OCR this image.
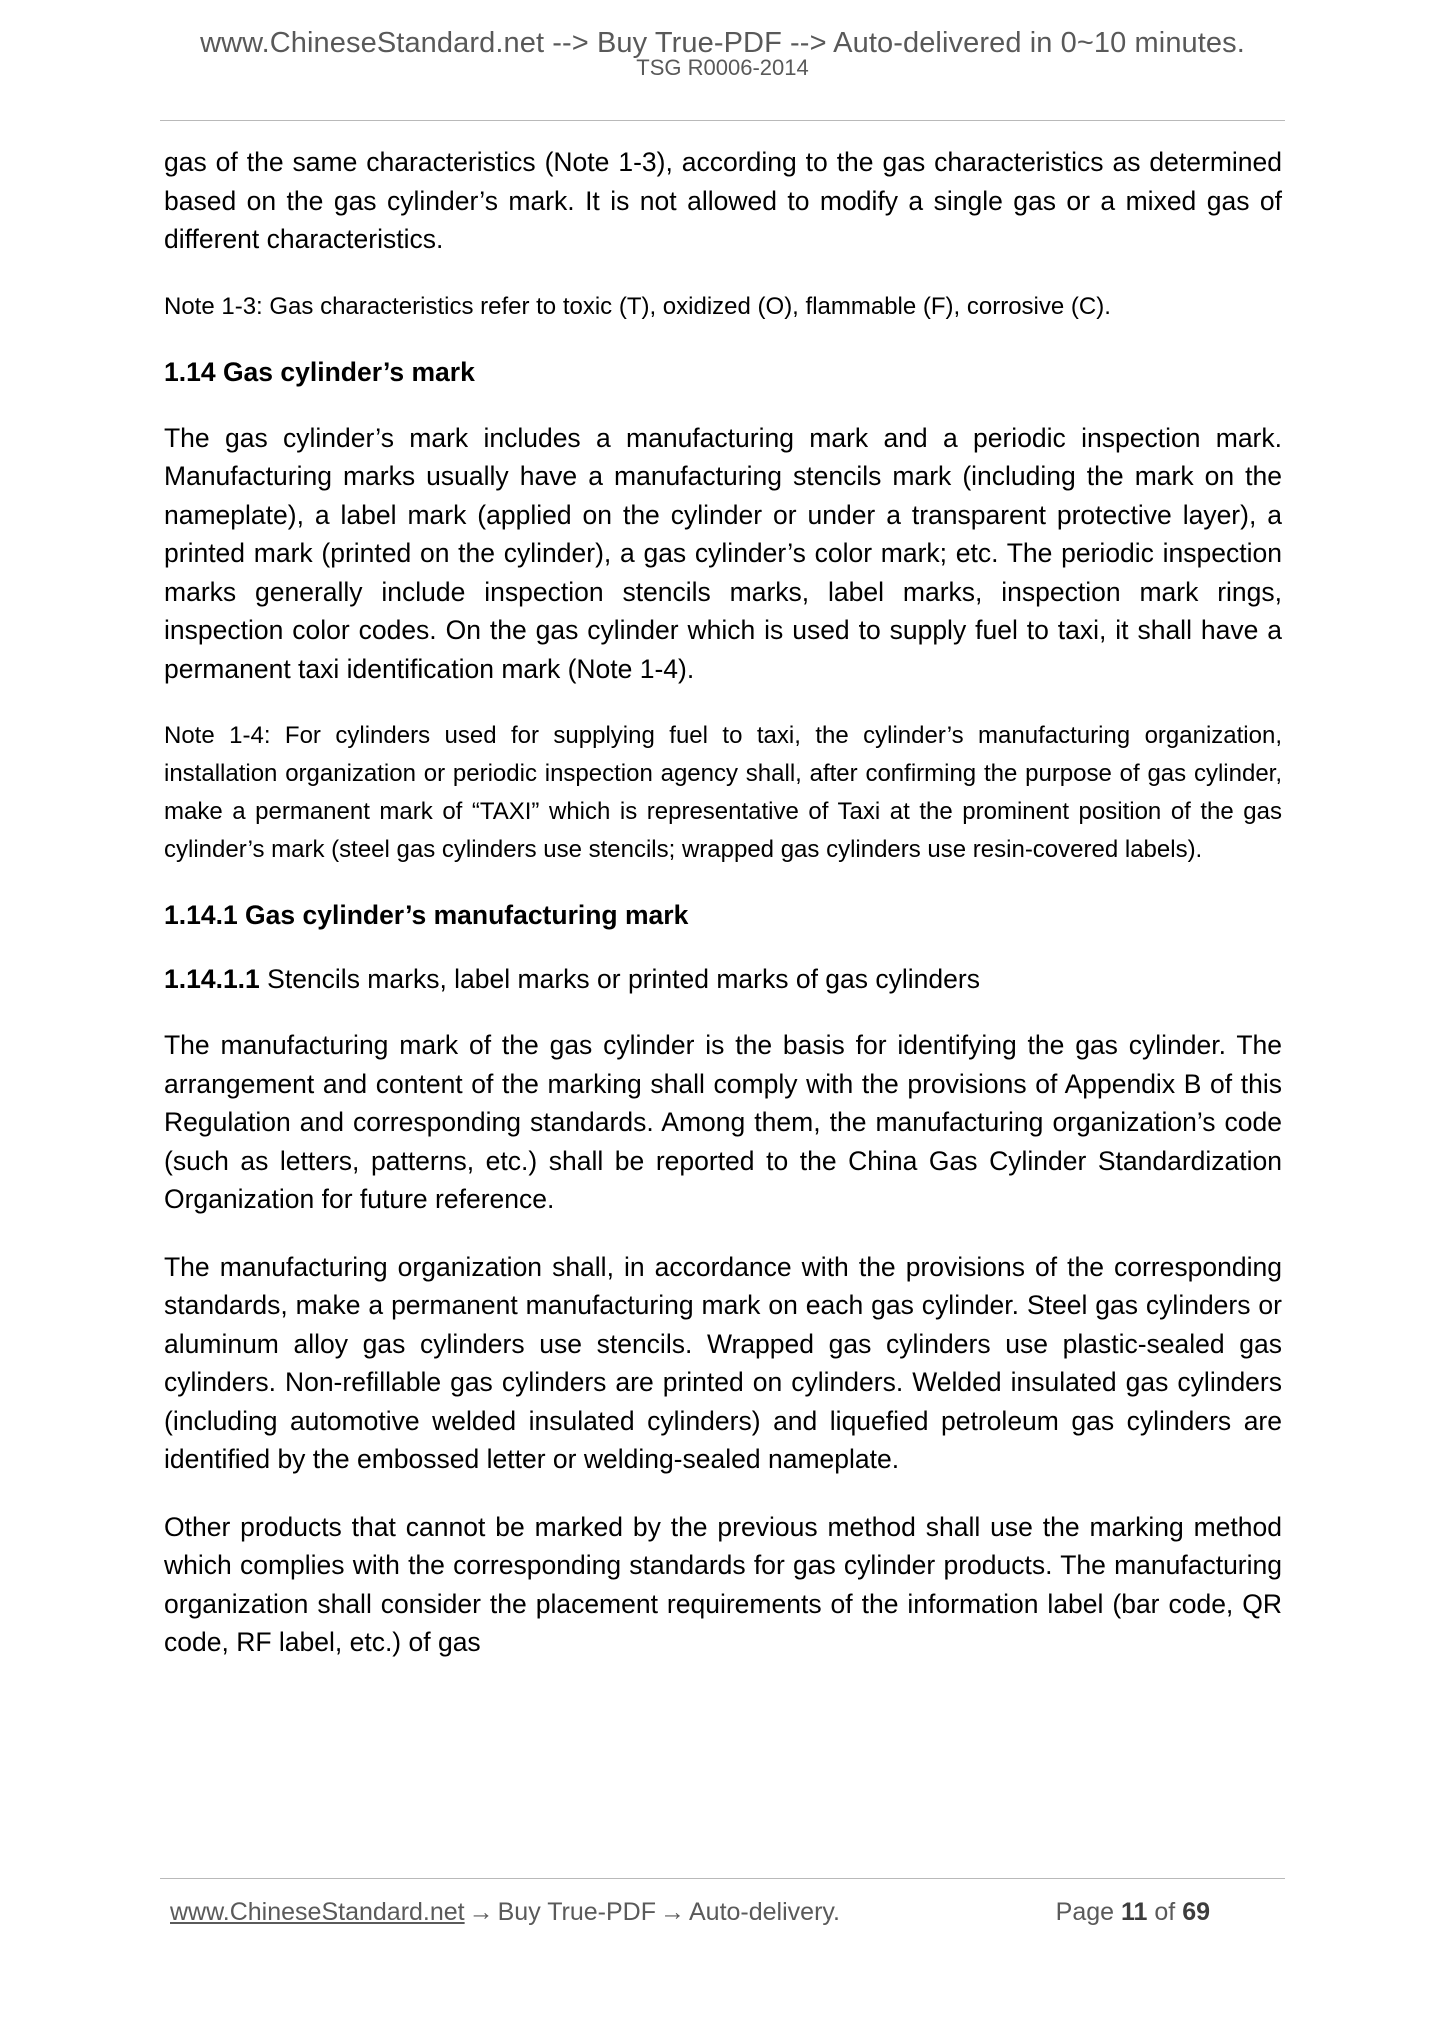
www.ChineseStandard.net --> Buy True-PDF --> Auto-delivered in 0~10 minutes.
TSG R0006-2014

gas of the same characteristics (Note 1-3), according to the gas characteristics as determined based on the gas cylinder’s mark. It is not allowed to modify a single gas or a mixed gas of different characteristics.

Note 1-3: Gas characteristics refer to toxic (T), oxidized (O), flammable (F), corrosive (C).

1.14 Gas cylinder’s mark

The gas cylinder’s mark includes a manufacturing mark and a periodic inspection mark. Manufacturing marks usually have a manufacturing stencils mark (including the mark on the nameplate), a label mark (applied on the cylinder or under a transparent protective layer), a printed mark (printed on the cylinder), a gas cylinder’s color mark; etc. The periodic inspection marks generally include inspection stencils marks, label marks, inspection mark rings, inspection color codes. On the gas cylinder which is used to supply fuel to taxi, it shall have a permanent taxi identification mark (Note 1-4).

Note 1-4: For cylinders used for supplying fuel to taxi, the cylinder’s manufacturing organization, installation organization or periodic inspection agency shall, after confirming the purpose of gas cylinder, make a permanent mark of “TAXI” which is representative of Taxi at the prominent position of the gas cylinder’s mark (steel gas cylinders use stencils; wrapped gas cylinders use resin-covered labels).

1.14.1 Gas cylinder’s manufacturing mark
1.14.1.1 Stencils marks, label marks or printed marks of gas cylinders

The manufacturing mark of the gas cylinder is the basis for identifying the gas cylinder. The arrangement and content of the marking shall comply with the provisions of Appendix B of this Regulation and corresponding standards. Among them, the manufacturing organization’s code (such as letters, patterns, etc.) shall be reported to the China Gas Cylinder Standardization Organization for future reference.

The manufacturing organization shall, in accordance with the provisions of the corresponding standards, make a permanent manufacturing mark on each gas cylinder. Steel gas cylinders or aluminum alloy gas cylinders use stencils. Wrapped gas cylinders use plastic-sealed gas cylinders. Non-refillable gas cylinders are printed on cylinders. Welded insulated gas cylinders (including automotive welded insulated cylinders) and liquefied petroleum gas cylinders are identified by the embossed letter or welding-sealed nameplate.

Other products that cannot be marked by the previous method shall use the marking method which complies with the corresponding standards for gas cylinder products. The manufacturing organization shall consider the placement requirements of the information label (bar code, QR code, RF label, etc.) of gas

www.ChineseStandard.net → Buy True-PDF → Auto-delivery.	Page 11 of 69
